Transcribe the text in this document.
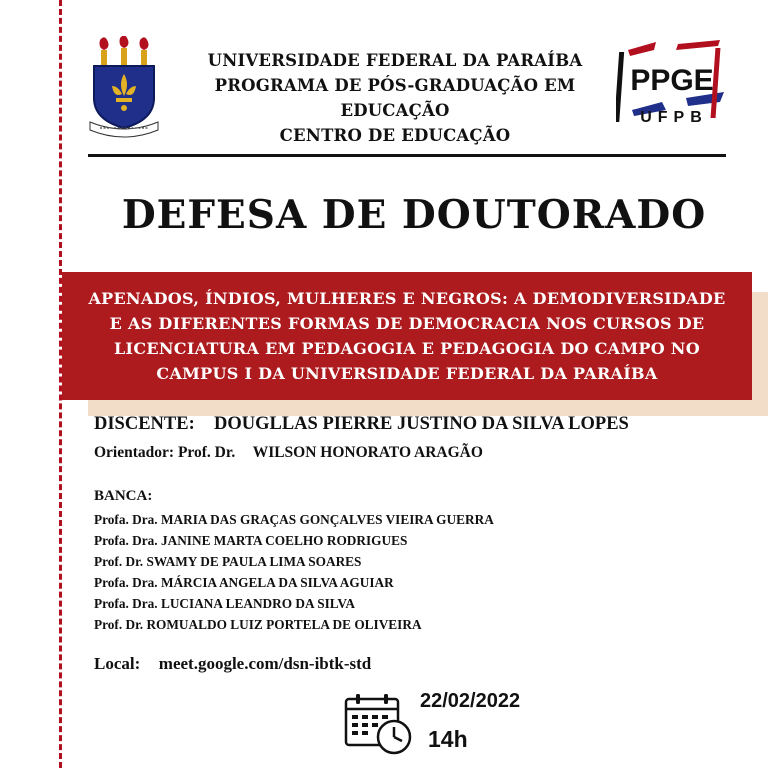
UNIVERSIDADE FEDERAL DA PARAÍBA
PROGRAMA DE PÓS-GRADUAÇÃO EM EDUCAÇÃO
CENTRO DE EDUCAÇÃO
PPGE
UFPB
DEFESA DE DOUTORADO
APENADOS, ÍNDIOS, MULHERES E NEGROS: A DEMODIVERSIDADE
E AS DIFERENTES FORMAS DE DEMOCRACIA NOS CURSOS DE
LICENCIATURA EM PEDAGOGIA E PEDAGOGIA DO CAMPO NO
CAMPUS I DA UNIVERSIDADE FEDERAL DA PARAÍBA
DISCENTE: DOUGLLAS PIERRE JUSTINO DA SILVA LOPES
Orientador: Prof. Dr. WILSON HONORATO ARAGÃO
BANCA:
Profa. Dra. MARIA DAS GRAÇAS GONÇALVES VIEIRA GUERRA
Profa. Dra. JANINE MARTA COELHO RODRIGUES
Prof. Dr. SWAMY DE PAULA LIMA SOARES
Profa. Dra. MÁRCIA ANGELA DA SILVA AGUIAR
Profa. Dra. LUCIANA LEANDRO DA SILVA
Prof. Dr. ROMUALDO LUIZ PORTELA DE OLIVEIRA
Local: meet.google.com/dsn-ibtk-std
22/02/2022
14h
